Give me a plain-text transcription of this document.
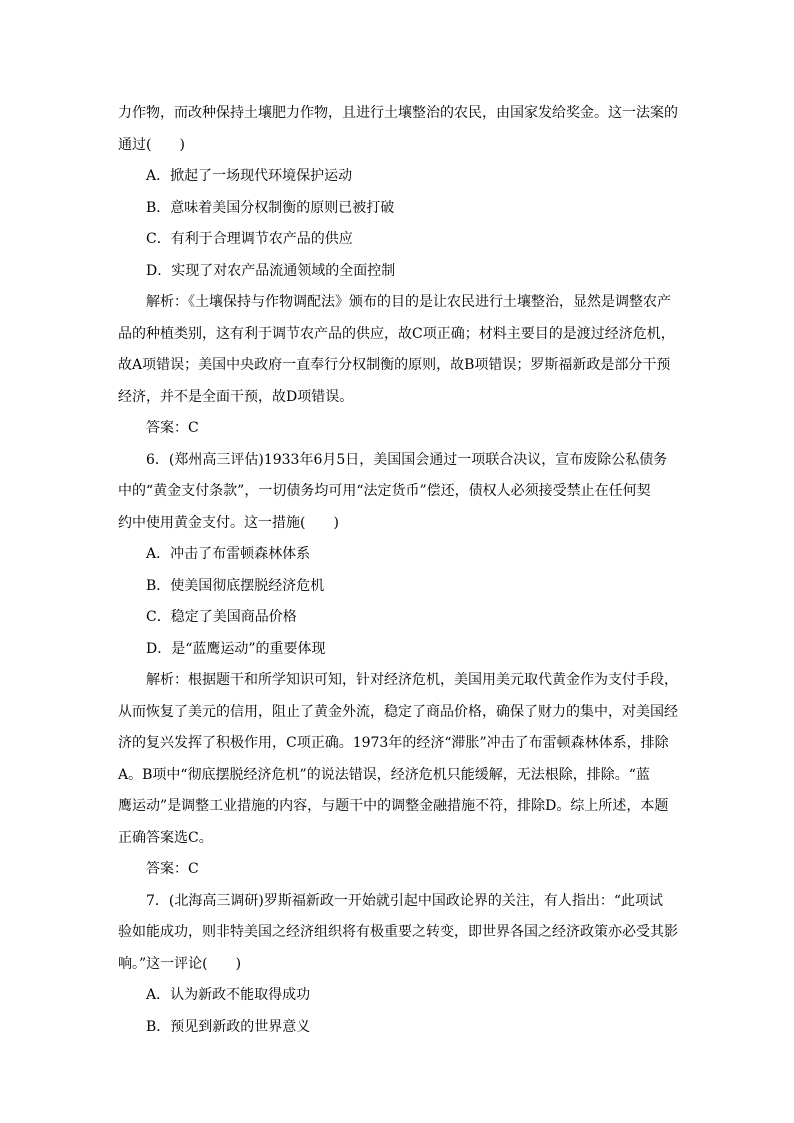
力作物，而改种保持土壤肥力作物，且进行土壤整治的农民，由国家发给奖金。这一法案的
通过(　　)
A．掀起了一场现代环境保护运动
B．意味着美国分权制衡的原则已被打破
C．有利于合理调节农产品的供应
D．实现了对农产品流通领域的全面控制
解析：《土壤保持与作物调配法》颁布的目的是让农民进行土壤整治，显然是调整农产
品的种植类别，这有利于调节农产品的供应，故C项正确；材料主要目的是渡过经济危机，
故A项错误；美国中央政府一直奉行分权制衡的原则，故B项错误；罗斯福新政是部分干预
经济，并不是全面干预，故D项错误。
答案：C
6．(郑州高三评估)1933年6月5日，美国国会通过一项联合决议，宣布废除公私债务
中的“黄金支付条款”，一切债务均可用“法定货币”偿还，债权人必须接受禁止在任何契
约中使用黄金支付。这一措施(　　)
A．冲击了布雷顿森林体系
B．使美国彻底摆脱经济危机
C．稳定了美国商品价格
D．是“蓝鹰运动”的重要体现
解析：根据题干和所学知识可知，针对经济危机，美国用美元取代黄金作为支付手段，
从而恢复了美元的信用，阻止了黄金外流，稳定了商品价格，确保了财力的集中，对美国经
济的复兴发挥了积极作用，C项正确。1973年的经济“滞胀”冲击了布雷顿森林体系，排除
A。B项中“彻底摆脱经济危机”的说法错误，经济危机只能缓解，无法根除，排除。“蓝
鹰运动”是调整工业措施的内容，与题干中的调整金融措施不符，排除D。综上所述，本题
正确答案选C。
答案：C
7．(北海高三调研)罗斯福新政一开始就引起中国政论界的关注，有人指出：“此项试
验如能成功，则非特美国之经济组织将有极重要之转变，即世界各国之经济政策亦必受其影
响。”这一评论(　　)
A．认为新政不能取得成功
B．预见到新政的世界意义
